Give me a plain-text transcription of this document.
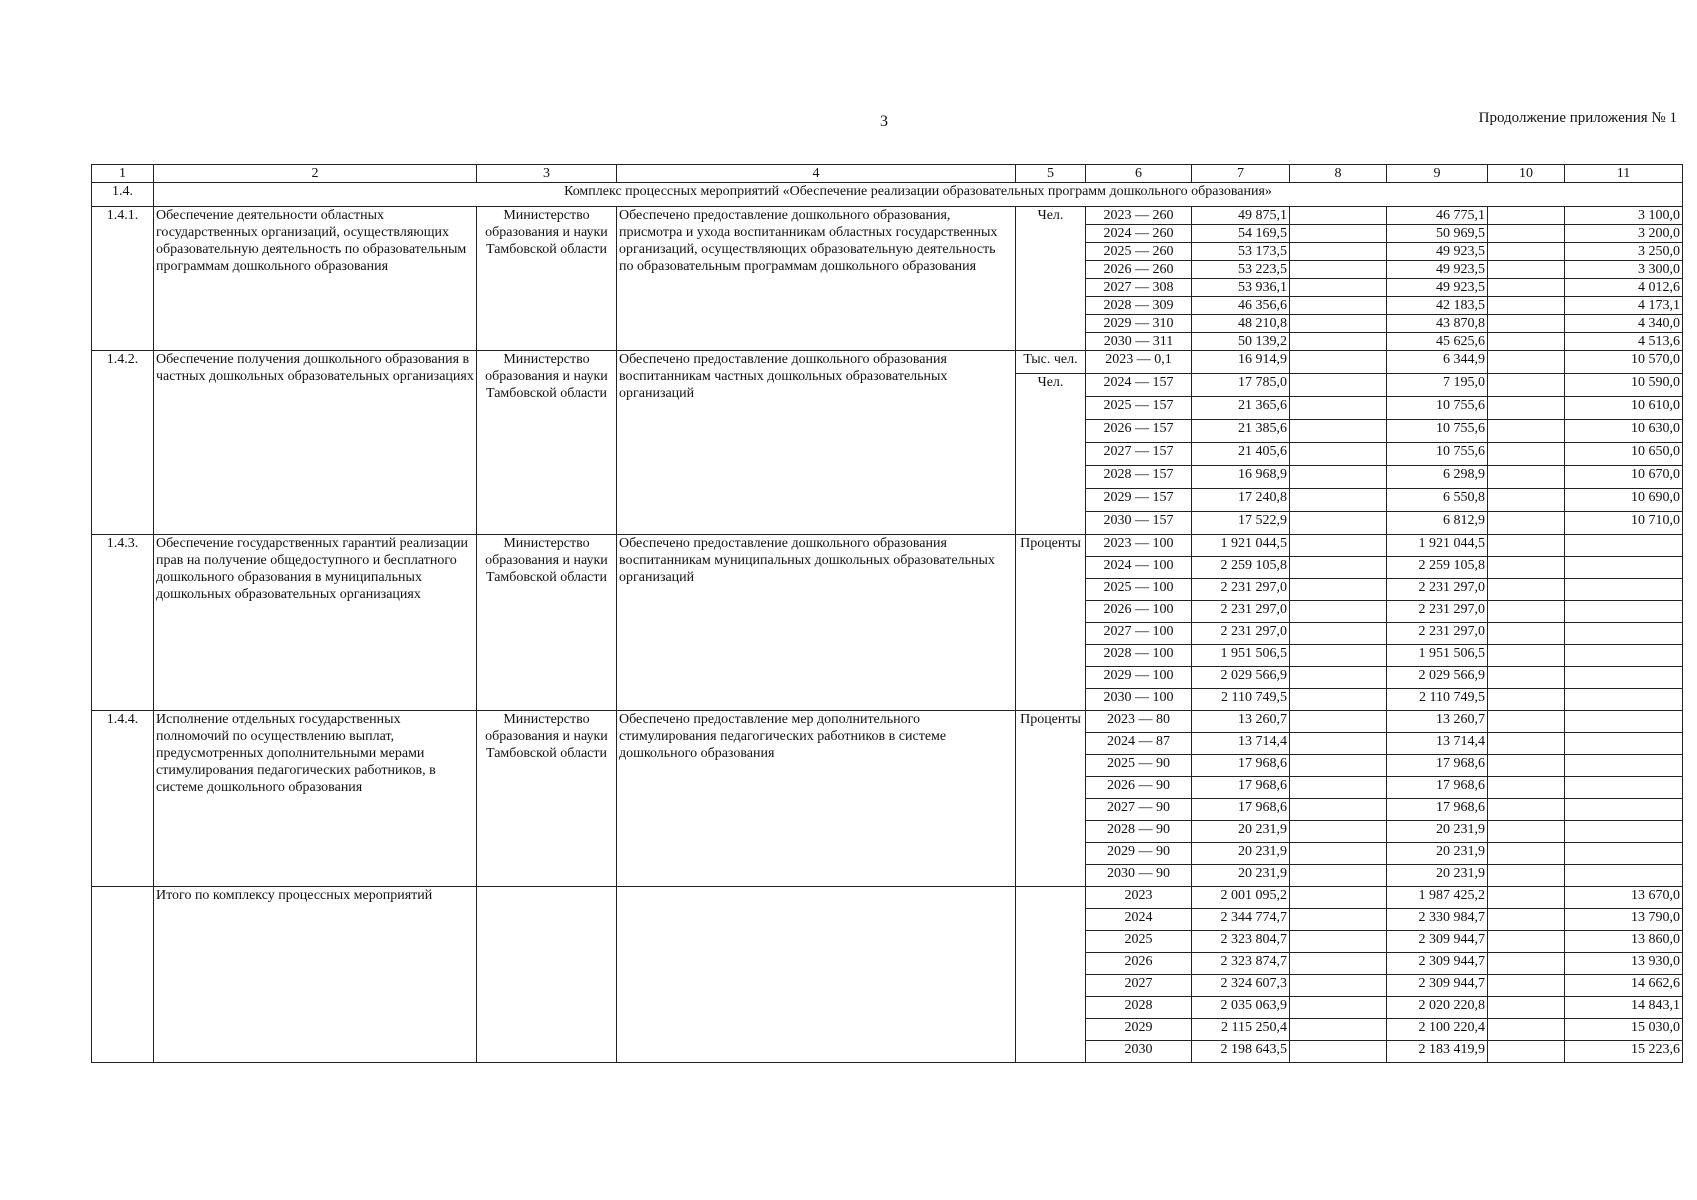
3	Продолжение приложения № 1
1	2	3	4	5	6	7	8	9	10	11
1.4.	Комплекс процессных мероприятий «Обеспечение реализации образовательных программ дошкольного образования»									
1.4.1.	Обеспечение деятельности областных государственных организаций, осуществляющих образовательную деятельность по образовательным программам дошкольного образования	Министерство образования и науки Тамбовской области	Обеспечено предоставление дошкольного образования, присмотра и ухода воспитанникам областных государственных организаций, осуществляющих образовательную деятельность по образовательным программам дошкольного образования	Чел.	2023 — 260	49 875,1		46 775,1		3 100,0
					2024 — 260	54 169,5		50 969,5		3 200,0
					2025 — 260	53 173,5		49 923,5		3 250,0
					2026 — 260	53 223,5		49 923,5		3 300,0
					2027 — 308	53 936,1		49 923,5		4 012,6
					2028 — 309	46 356,6		42 183,5		4 173,1
					2029 — 310	48 210,8		43 870,8		4 340,0
					2030 — 311	50 139,2		45 625,6		4 513,6
1.4.2.	Обеспечение получения дошкольного образования в частных дошкольных образовательных организациях	Министерство образования и науки Тамбовской области	Обеспечено предоставление дошкольного образования воспитанникам частных дошкольных образовательных организаций	Тыс. чел.	2023 — 0,1	16 914,9		6 344,9		10 570,0
				Чел.	2024 — 157	17 785,0		7 195,0		10 590,0
					2025 — 157	21 365,6		10 755,6		10 610,0
					2026 — 157	21 385,6		10 755,6		10 630,0
					2027 — 157	21 405,6		10 755,6		10 650,0
					2028 — 157	16 968,9		6 298,9		10 670,0
					2029 — 157	17 240,8		6 550,8		10 690,0
					2030 — 157	17 522,9		6 812,9		10 710,0
1.4.3.	Обеспечение государственных гарантий реализации прав на получение общедоступного и бесплатного дошкольного образования в муниципальных дошкольных образовательных организациях	Министерство образования и науки Тамбовской области	Обеспечено предоставление дошкольного образования воспитанникам муниципальных дошкольных образовательных организаций	Проценты	2023 — 100	1 921 044,5		1 921 044,5		
					2024 — 100	2 259 105,8		2 259 105,8		
					2025 — 100	2 231 297,0		2 231 297,0		
					2026 — 100	2 231 297,0		2 231 297,0		
					2027 — 100	2 231 297,0		2 231 297,0		
					2028 — 100	1 951 506,5		1 951 506,5		
					2029 — 100	2 029 566,9		2 029 566,9		
					2030 — 100	2 110 749,5		2 110 749,5		
1.4.4.	Исполнение отдельных государственных полномочий по осуществлению выплат, предусмотренных дополнительными мерами стимулирования педагогических работников, в системе дошкольного образования	Министерство образования и науки Тамбовской области	Обеспечено предоставление мер дополнительного стимулирования педагогических работников в системе дошкольного образования	Проценты	2023 — 80	13 260,7		13 260,7		
					2024 — 87	13 714,4		13 714,4		
					2025 — 90	17 968,6		17 968,6		
					2026 — 90	17 968,6		17 968,6		
					2027 — 90	17 968,6		17 968,6		
					2028 — 90	20 231,9		20 231,9		
					2029 — 90	20 231,9		20 231,9		
					2030 — 90	20 231,9		20 231,9		
	Итого по комплексу процессных мероприятий				2023	2 001 095,2		1 987 425,2		13 670,0
					2024	2 344 774,7		2 330 984,7		13 790,0
					2025	2 323 804,7		2 309 944,7		13 860,0
					2026	2 323 874,7		2 309 944,7		13 930,0
					2027	2 324 607,3		2 309 944,7		14 662,6
					2028	2 035 063,9		2 020 220,8		14 843,1
					2029	2 115 250,4		2 100 220,4		15 030,0
					2030	2 198 643,5		2 183 419,9		15 223,6
